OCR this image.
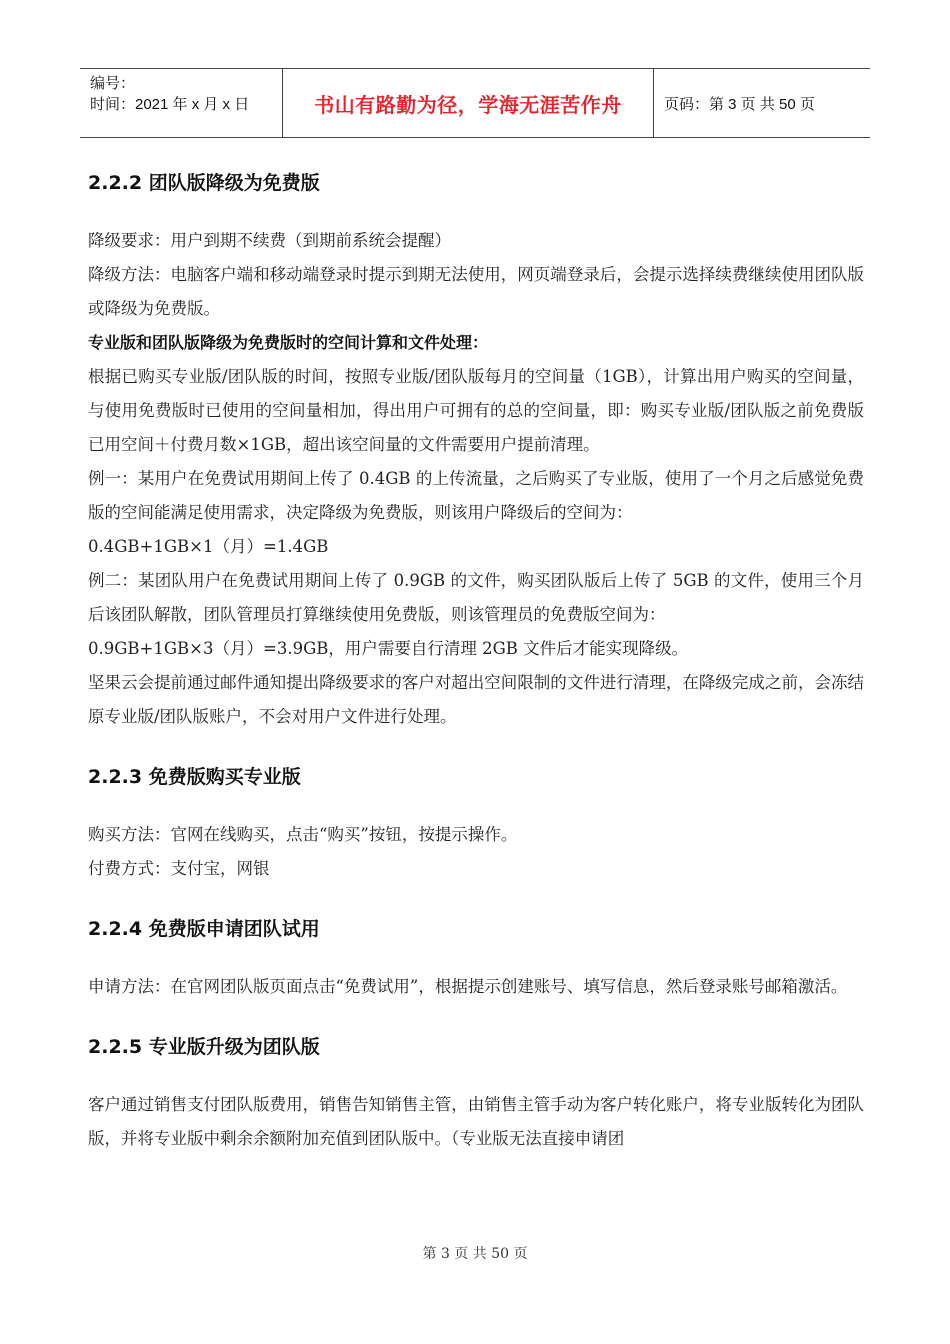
编号：
时间：2021 年 x 月 x 日	书山有路勤为径，学海无涯苦作舟	页码：第 3 页 共 50 页
2.2.2 团队版降级为免费版

降级要求：用户到期不续费（到期前系统会提醒）

降级方法：电脑客户端和移动端登录时提示到期无法使用，网页端登录后，会提示选择续费继续使用团队版或降级为免费版。

专业版和团队版降级为免费版时的空间计算和文件处理：

根据已购买专业版/团队版的时间，按照专业版/团队版每月的空间量（1GB），计算出用户购买的空间量，与使用免费版时已使用的空间量相加，得出用户可拥有的总的空间量，即：购买专业版/团队版之前免费版已用空间＋付费月数×1GB，超出该空间量的文件需要用户提前清理。

例一：某用户在免费试用期间上传了 0.4GB 的上传流量，之后购买了专业版，使用了一个月之后感觉免费版的空间能满足使用需求，决定降级为免费版，则该用户降级后的空间为：

0.4GB+1GB×1（月）=1.4GB

例二：某团队用户在免费试用期间上传了 0.9GB 的文件，购买团队版后上传了 5GB 的文件，使用三个月后该团队解散，团队管理员打算继续使用免费版，则该管理员的免费版空间为：

0.9GB+1GB×3（月）=3.9GB，用户需要自行清理 2GB 文件后才能实现降级。

坚果云会提前通过邮件通知提出降级要求的客户对超出空间限制的文件进行清理，在降级完成之前，会冻结原专业版/团队版账户，不会对用户文件进行处理。

2.2.3 免费版购买专业版

购买方法：官网在线购买，点击“购买”按钮，按提示操作。

付费方式：支付宝，网银

2.2.4 免费版申请团队试用

申请方法：在官网团队版页面点击“免费试用”，根据提示创建账号、填写信息，然后登录账号邮箱激活。

2.2.5 专业版升级为团队版

客户通过销售支付团队版费用，销售告知销售主管，由销售主管手动为客户转化账户，将专业版转化为团队版，并将专业版中剩余余额附加充值到团队版中。（专业版无法直接申请团

第 3 页 共 50 页
